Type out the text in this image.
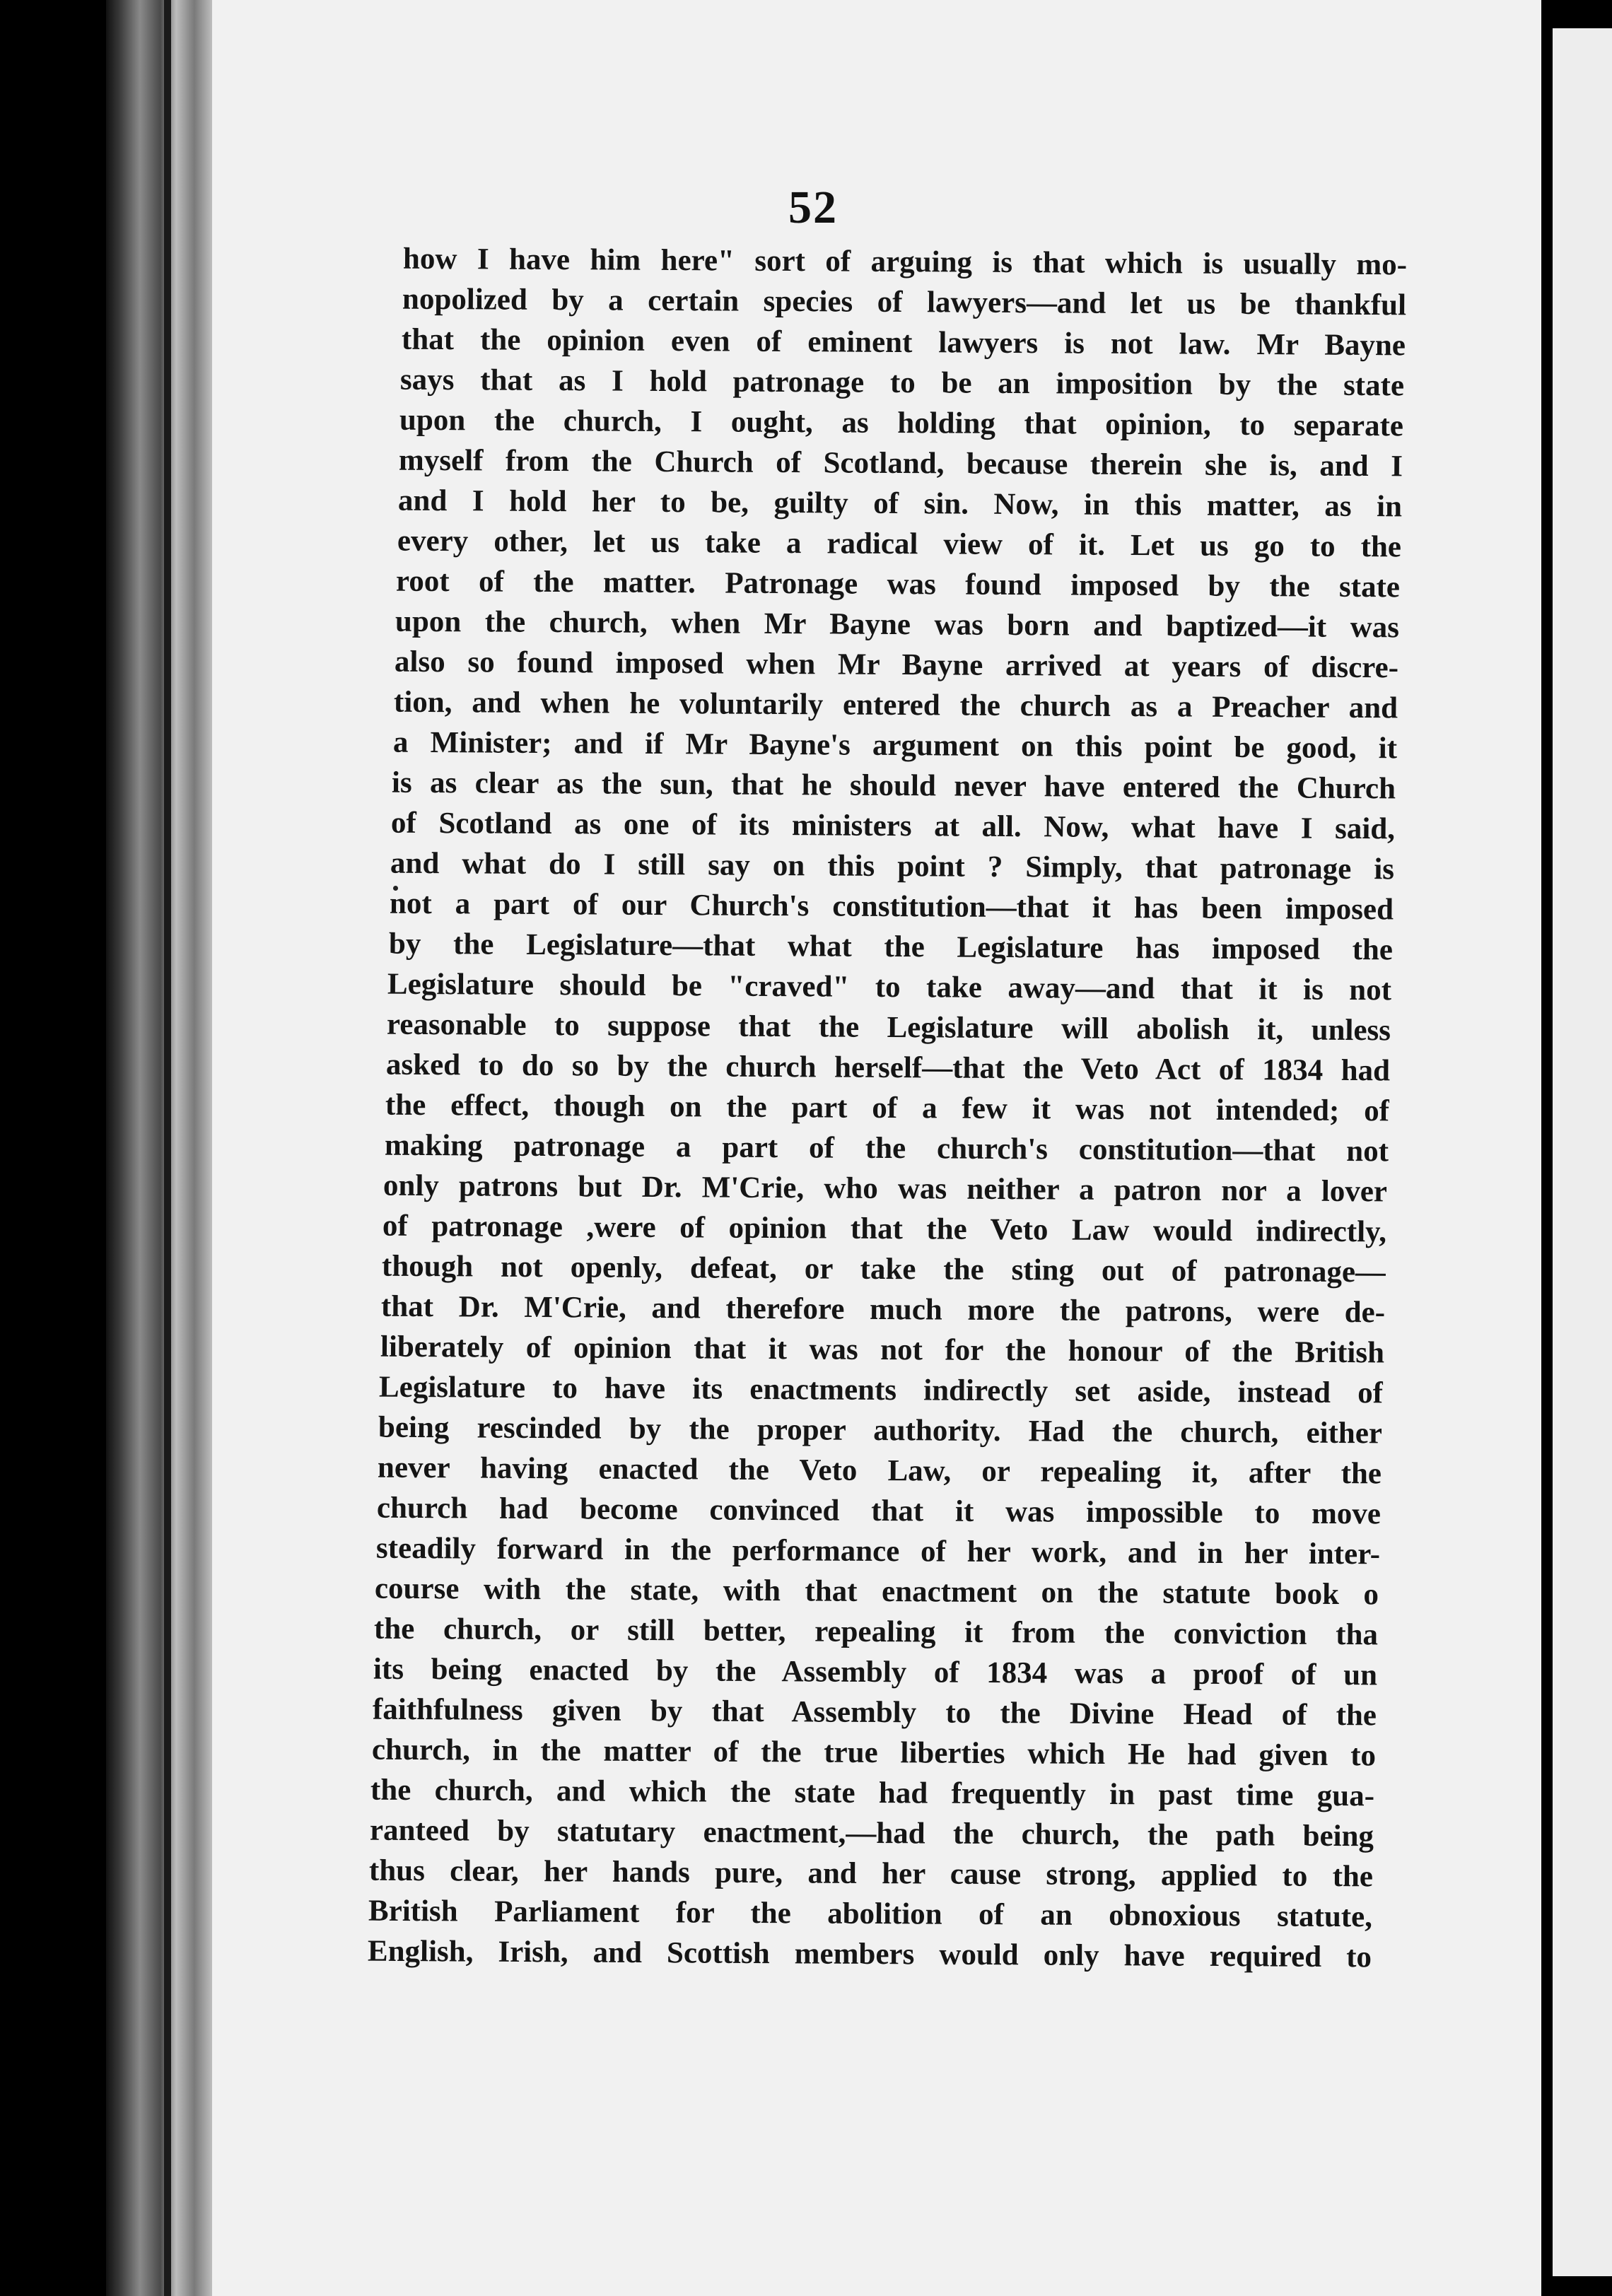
52
how I have him here" sort of arguing is that which is usually mo-
nopolized by a certain species of lawyers—and let us be thankful
that the opinion even of eminent lawyers is not law. Mr Bayne
says that as I hold patronage to be an imposition by the state
upon the church, I ought, as holding that opinion, to separate
myself from the Church of Scotland, because therein she is, and I
and I hold her to be, guilty of sin. Now, in this matter, as in
every other, let us take a radical view of it. Let us go to the
root of the matter. Patronage was found imposed by the state
upon the church, when Mr Bayne was born and baptized—it was
also so found imposed when Mr Bayne arrived at years of discre-
tion, and when he voluntarily entered the church as a Preacher and
a Minister; and if Mr Bayne's argument on this point be good, it
is as clear as the sun, that he should never have entered the Church
of Scotland as one of its ministers at all. Now, what have I said,
and what do I still say on this point ? Simply, that patronage is
not a part of our Church's constitution—that it has been imposed
by the Legislature—that what the Legislature has imposed the
Legislature should be "craved" to take away—and that it is not
reasonable to suppose that the Legislature will abolish it, unless
asked to do so by the church herself—that the Veto Act of 1834 had
the effect, though on the part of a few it was not intended; of
making patronage a part of the church's constitution—that not
only patrons but Dr. M'Crie, who was neither a patron nor a lover
of patronage ,were of opinion that the Veto Law would indirectly,
though not openly, defeat, or take the sting out of patronage—
that Dr. M'Crie, and therefore much more the patrons, were de-
liberately of opinion that it was not for the honour of the British
Legislature to have its enactments indirectly set aside, instead of
being rescinded by the proper authority. Had the church, either
never having enacted the Veto Law, or repealing it, after the
church had become convinced that it was impossible to move
steadily forward in the performance of her work, and in her inter-
course with the state, with that enactment on the statute book o
the church, or still better, repealing it from the conviction tha
its being enacted by the Assembly of 1834 was a proof of un
faithfulness given by that Assembly to the Divine Head of the
church, in the matter of the true liberties which He had given to
the church, and which the state had frequently in past time gua-
ranteed by statutary enactment,—had the church, the path being
thus clear, her hands pure, and her cause strong, applied to the
British Parliament for the abolition of an obnoxious statute,
English, Irish, and Scottish members would only have required to
